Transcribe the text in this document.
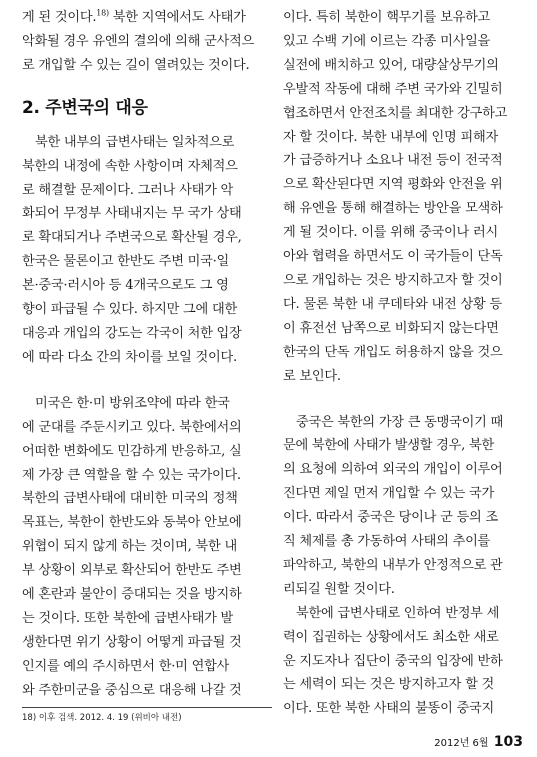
게 된 것이다.$^{18)}$ 북한 지역에서도 사태가
악화될 경우 유엔의 결의에 의해 군사적으
로 개입할 수 있는 길이 열려있는 것이다.

2. 주변국의 대응

북한 내부의 급변사태는 일차적으로
북한의 내정에 속한 사항이며 자체적으
로 해결할 문제이다. 그러나 사태가 악
화되어 무정부 사태내지는 무 국가 상태
로 확대되거나 주변국으로 확산될 경우,
한국은 물론이고 한반도 주변 미국·일
본·중국·러시아 등 4개국으로도 그 영
향이 파급될 수 있다. 하지만 그에 대한
대응과 개입의 강도는 각국이 처한 입장
에 따라 다소 간의 차이를 보일 것이다.

미국은 한·미 방위조약에 따라 한국
에 군대를 주둔시키고 있다. 북한에서의
어떠한 변화에도 민감하게 반응하고, 실
제 가장 큰 역할을 할 수 있는 국가이다.
북한의 급변사태에 대비한 미국의 정책
목표는, 북한이 한반도와 동북아 안보에
위협이 되지 않게 하는 것이며, 북한 내
부 상황이 외부로 확산되어 한반도 주변
에 혼란과 불안이 증대되는 것을 방지하
는 것이다. 또한 북한에 급변사태가 발
생한다면 위기 상황이 어떻게 파급될 것
인지를 예의 주시하면서 한·미 연합사
와 주한미군을 중심으로 대응해 나갈 것

이다. 특히 북한이 핵무기를 보유하고
있고 수백 기에 이르는 각종 미사일을
실전에 배치하고 있어, 대량살상무기의
우발적 작동에 대해 주변 국가와 긴밀히
협조하면서 안전조치를 최대한 강구하고
자 할 것이다. 북한 내부에 인명 피해자
가 급증하거나 소요나 내전 등이 전국적
으로 확산된다면 지역 평화와 안전을 위
해 유엔을 통해 해결하는 방안을 모색하
게 될 것이다. 이를 위해 중국이나 러시
아와 협력을 하면서도 이 국가들이 단독
으로 개입하는 것은 방지하고자 할 것이
다. 물론 북한 내 쿠데타와 내전 상황 등
이 휴전선 남쪽으로 비화되지 않는다면
한국의 단독 개입도 허용하지 않을 것으
로 보인다.

중국은 북한의 가장 큰 동맹국이기 때
문에 북한에 사태가 발생할 경우, 북한
의 요청에 의하여 외국의 개입이 이루어
진다면 제일 먼저 개입할 수 있는 국가
이다. 따라서 중국은 당이나 군 등의 조
직 체제를 총 가동하여 사태의 추이를
파악하고, 북한의 내부가 안정적으로 관
리되길 원할 것이다.
북한에 급변사태로 인하여 반정부 세
력이 집권하는 상황에서도 최소한 새로
운 지도자나 집단이 중국의 입장에 반하
는 세력이 되는 것은 방지하고자 할 것
이다. 또한 북한 사태의 불똥이 중국지

18) 이후 검색. 2012. 4. 19 (위비아 내전)
2012년 6월 103
